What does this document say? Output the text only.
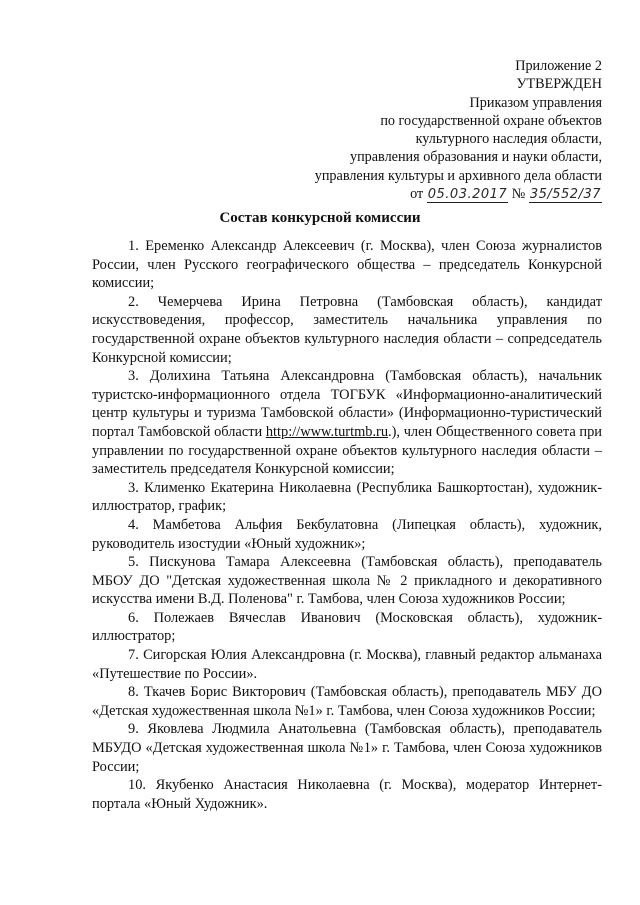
Приложение 2
УТВЕРЖДЕН
Приказом управления
по государственной охране объектов
культурного наследия области,
управления образования и науки области,
управления культуры и архивного дела области
от 05.03.2017 № 35/552/37
Состав конкурсной комиссии

1. Еременко Александр Алексеевич (г. Москва), член Союза журналистов России, член Русского географического общества – председатель Конкурсной комиссии;

2. Чемерчева Ирина Петровна (Тамбовская область), кандидат искусствоведения, профессор, заместитель начальника управления по государственной охране объектов культурного наследия области – сопредседатель Конкурсной комиссии;

3. Долихина Татьяна Александровна (Тамбовская область), начальник туристско-информационного отдела ТОГБУК «Информационно-аналитический центр культуры и туризма Тамбовской области» (Информационно-туристический портал Тамбовской области http://www.turtmb.ru.), член Общественного совета при управлении по государственной охране объектов культурного наследия области – заместитель председателя Конкурсной комиссии;

3. Клименко Екатерина Николаевна (Республика Башкортостан), художник-иллюстратор, график;

4. Мамбетова Альфия Бекбулатовна (Липецкая область), художник, руководитель изостудии «Юный художник»;

5. Пискунова Тамара Алексеевна (Тамбовская область), преподаватель МБОУ ДО "Детская художественная школа № 2 прикладного и декоративного искусства имени В.Д. Поленова" г. Тамбова, член Союза художников России;

6. Полежаев Вячеслав Иванович (Московская область), художник-иллюстратор;

7. Сигорская Юлия Александровна (г. Москва), главный редактор альманаха «Путешествие по России».

8. Ткачев Борис Викторович (Тамбовская область), преподаватель МБУ ДО «Детская художественная школа №1» г. Тамбова, член Союза художников России;

9. Яковлева Людмила Анатольевна (Тамбовская область), преподаватель МБУДО «Детская художественная школа №1» г. Тамбова, член Союза художников России;

10. Якубенко Анастасия Николаевна (г. Москва), модератор Интернет-портала «Юный Художник».
